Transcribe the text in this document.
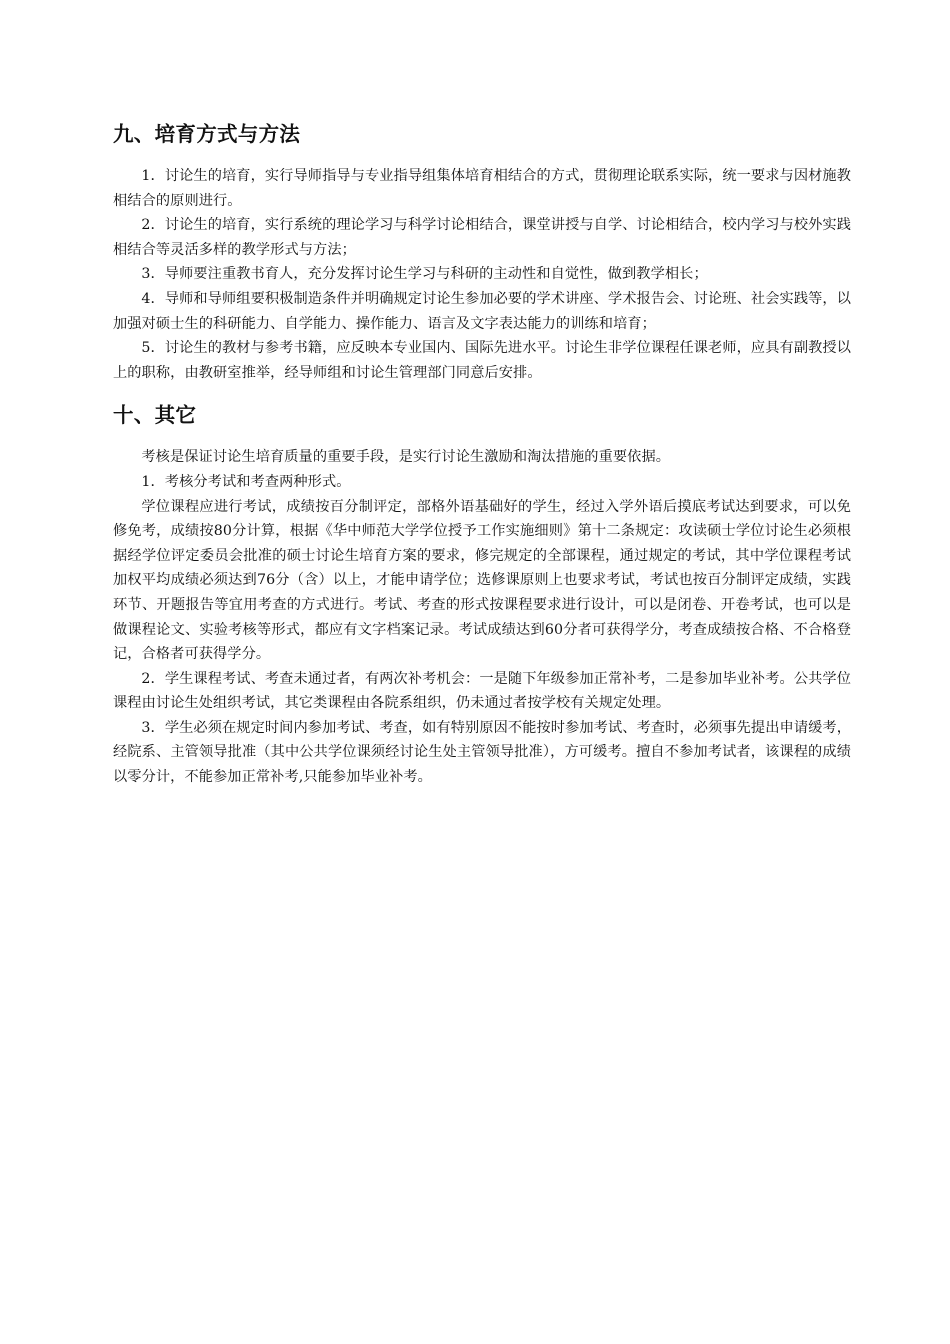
九、培育方式与方法

1．讨论生的培育，实行导师指导与专业指导组集体培育相结合的方式，贯彻理论联系实际，统一要求与因材施教相结合的原则进行。

2．讨论生的培育，实行系统的理论学习与科学讨论相结合，课堂讲授与自学、讨论相结合，校内学习与校外实践相结合等灵活多样的教学形式与方法；

3．导师要注重教书育人，充分发挥讨论生学习与科研的主动性和自觉性，做到教学相长；

4．导师和导师组要积极制造条件并明确规定讨论生参加必要的学术讲座、学术报告会、讨论班、社会实践等，以加强对硕士生的科研能力、自学能力、操作能力、语言及文字表达能力的训练和培育；

5．讨论生的教材与参考书籍，应反映本专业国内、国际先进水平。讨论生非学位课程任课老师，应具有副教授以上的职称，由教研室推举，经导师组和讨论生管理部门同意后安排。

十、其它

考核是保证讨论生培育质量的重要手段，是实行讨论生激励和淘汰措施的重要依据。

1．考核分考试和考查两种形式。

学位课程应进行考试，成绩按百分制评定，部格外语基础好的学生，经过入学外语后摸底考试达到要求，可以免修免考，成绩按80分计算，根据《华中师范大学学位授予工作实施细则》第十二条规定：攻读硕士学位讨论生必须根据经学位评定委员会批准的硕士讨论生培育方案的要求，修完规定的全部课程，通过规定的考试，其中学位课程考试加权平均成绩必须达到76分（含）以上，才能申请学位；选修课原则上也要求考试，考试也按百分制评定成绩，实践环节、开题报告等宜用考查的方式进行。考试、考查的形式按课程要求进行设计，可以是闭卷、开卷考试，也可以是做课程论文、实验考核等形式，都应有文字档案记录。考试成绩达到60分者可获得学分，考查成绩按合格、不合格登记，合格者可获得学分。

2．学生课程考试、考查未通过者，有两次补考机会：一是随下年级参加正常补考，二是参加毕业补考。公共学位课程由讨论生处组织考试，其它类课程由各院系组织，仍未通过者按学校有关规定处理。

3．学生必须在规定时间内参加考试、考查，如有特别原因不能按时参加考试、考查时，必须事先提出申请缓考，经院系、主管领导批准（其中公共学位课须经讨论生处主管领导批准），方可缓考。擅自不参加考试者，该课程的成绩以零分计，不能参加正常补考,只能参加毕业补考。
